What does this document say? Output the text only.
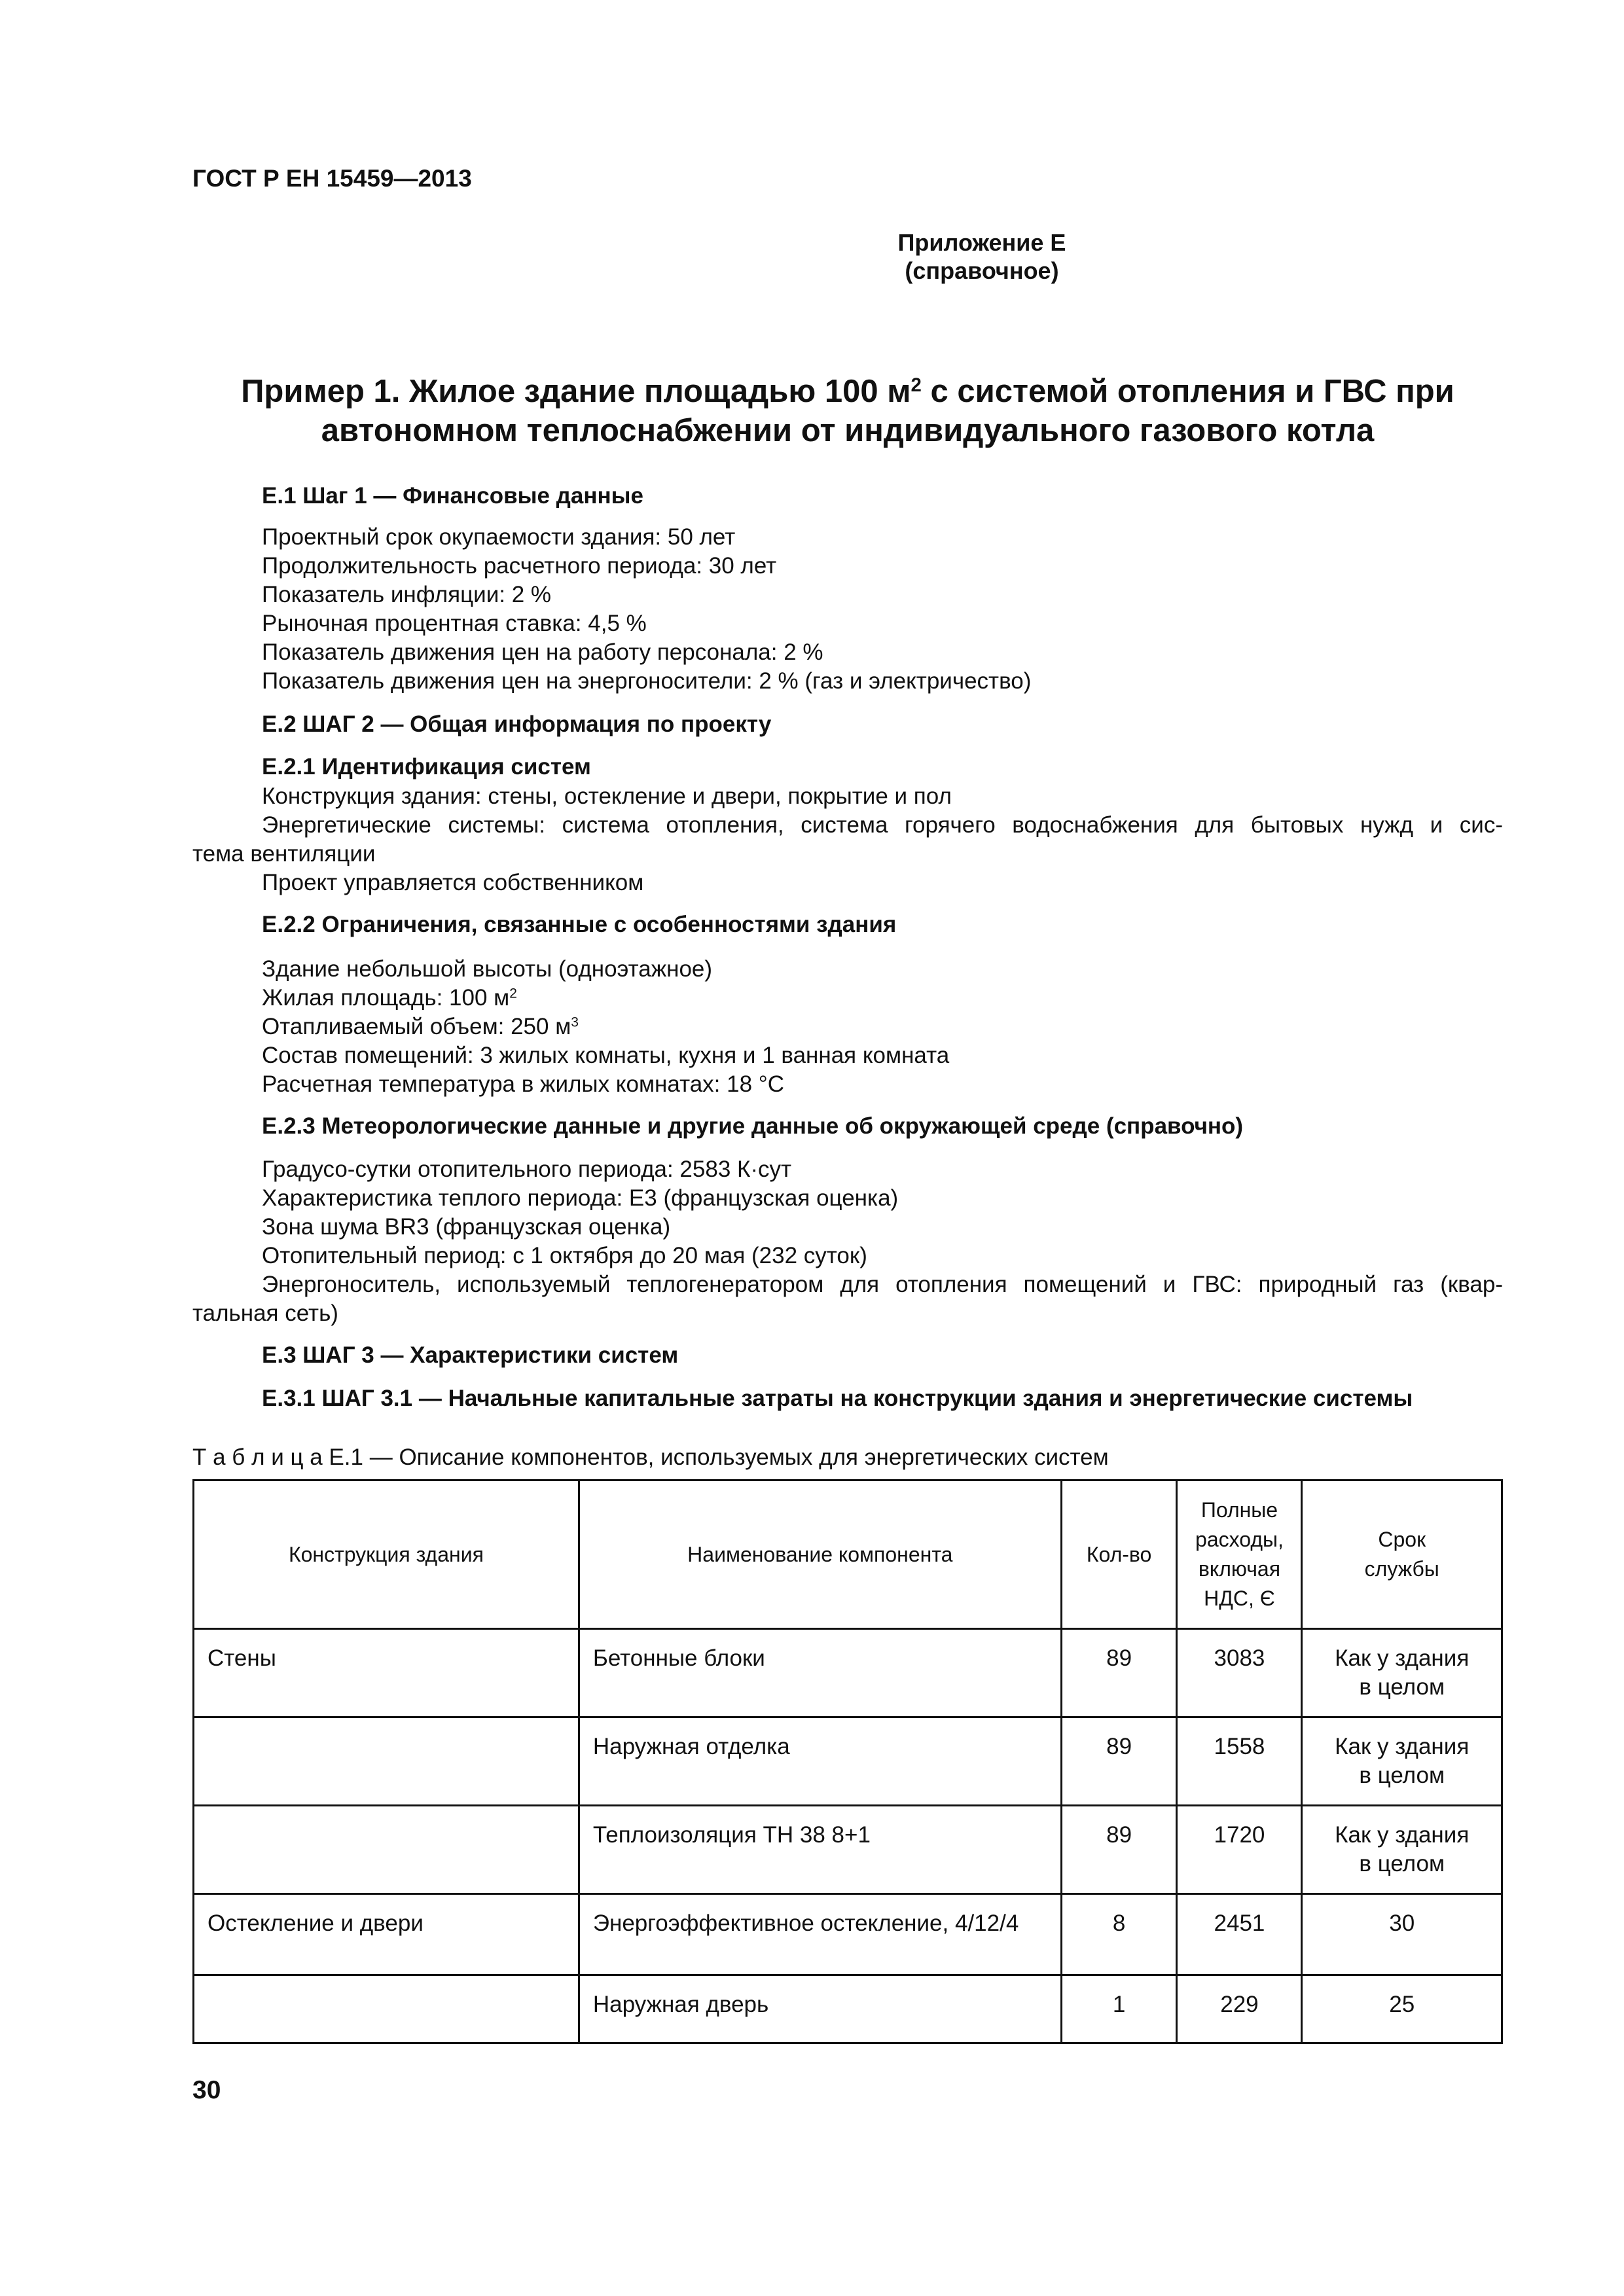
ГОСТ Р ЕН 15459—2013
Приложение Е
(справочное)
Пример 1. Жилое здание площадью 100 $м^2$ с системой отопления и ГВС при
автономном теплоснабжении от индивидуального газового котла
Е.1 Шаг 1 — Финансовые данные
Проектный срок окупаемости здания: 50 лет
Продолжительность расчетного периода: 30 лет
Показатель инфляции: 2 %
Рыночная процентная ставка: 4,5 %
Показатель движения цен на работу персонала: 2 %
Показатель движения цен на энергоносители: 2 % (газ и электричество)
Е.2 ШАГ 2 — Общая информация по проекту
Е.2.1 Идентификация систем
Конструкция здания: стены, остекление и двери, покрытие и пол
Энергетические системы: система отопления, система горячего водоснабжения для бытовых нужд и сис-
тема вентиляции
Проект управляется собственником
Е.2.2 Ограничения, связанные с особенностями здания
Здание небольшой высоты (одноэтажное)
Жилая площадь: 100 $м^2$
Отапливаемый объем: 250 $м^3$
Состав помещений: 3 жилых комнаты, кухня и 1 ванная комната
Расчетная температура в жилых комнатах: 18 °С
Е.2.3 Метеорологические данные и другие данные об окружающей среде (справочно)
Градусо-сутки отопительного периода: 2583 К·сут
Характеристика теплого периода: Е3 (французская оценка)
Зона шума BR3 (французская оценка)
Отопительный период: с 1 октября до 20 мая (232 суток)
Энергоноситель, используемый теплогенератором для отопления помещений и ГВС: природный газ (квар-
тальная сеть)
Е.3 ШАГ 3 — Характеристики систем
Е.3.1 ШАГ 3.1 — Начальные капитальные затраты на конструкции здания и энергетические системы
Т а б л и ц а Е.1 — Описание компонентов, используемых для энергетических систем
Конструкция здания	Наименование компонента	Кол-во	Полные
расходы,
включая
НДС, Є	Срок
службы
Стены	Бетонные блоки	89	3083	Как у здания
в целом
	Наружная отделка	89	1558	Как у здания
в целом
	Теплоизоляция ТН 38 8+1	89	1720	Как у здания
в целом
Остекление и двери	Энергоэффективное остекление, 4/12/4	8	2451	30

	Наружная дверь	1	229	25
30
